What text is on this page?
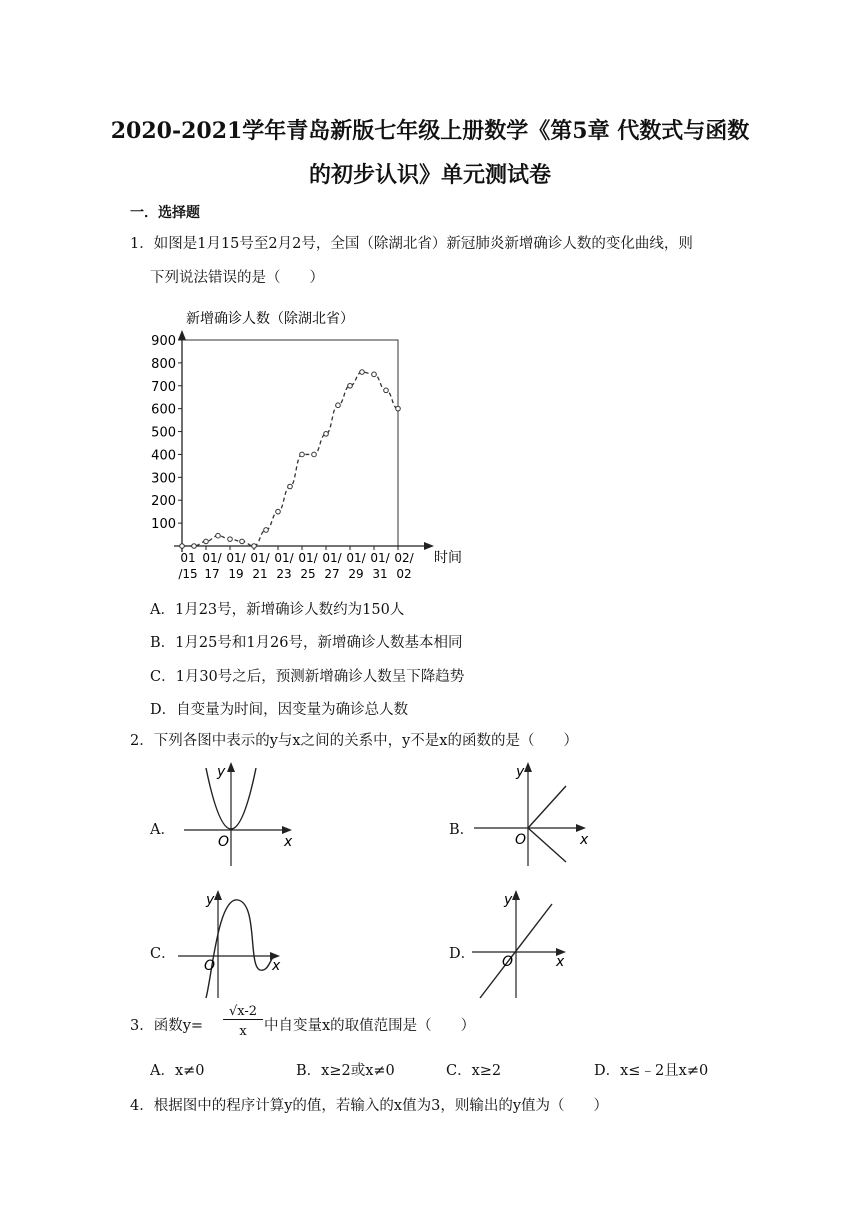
2020-2021学年青岛新版七年级上册数学《第5章 代数式与函数
的初步认识》单元测试卷
一．选择题
1．如图是1月15号至2月2号，全国（除湖北省）新冠肺炎新增确诊人数的变化曲线，则
下列说法错误的是（　　）
新增确诊人数（除湖北省）
100
200
300
400
500
600
700
800
900
01
/15
01/
17
01/
19
01/
21
01/
23
01/
25
01/
27
01/
29
01/
31
02/
02
时间
A．1月23号，新增确诊人数约为150人
B．1月25号和1月26号，新增确诊人数基本相同
C．1月30号之后，预测新增确诊人数呈下降趋势
D．自变量为时间，因变量为确诊总人数
2．下列各图中表示的y与x之间的关系中，y不是x的函数的是（　　）
A．
y
x
O
B．
y
x
O
C．
y
x
O
D．
y
x
O
3．函数y=
√x-2
x	中自变量x的取值范围是（　　）
A．x≠0	B．x≥2或x≠0	C．x≥2	D．x≤﹣2且x≠0
4．根据图中的程序计算y的值，若输入的x值为3，则输出的y值为（　　）
